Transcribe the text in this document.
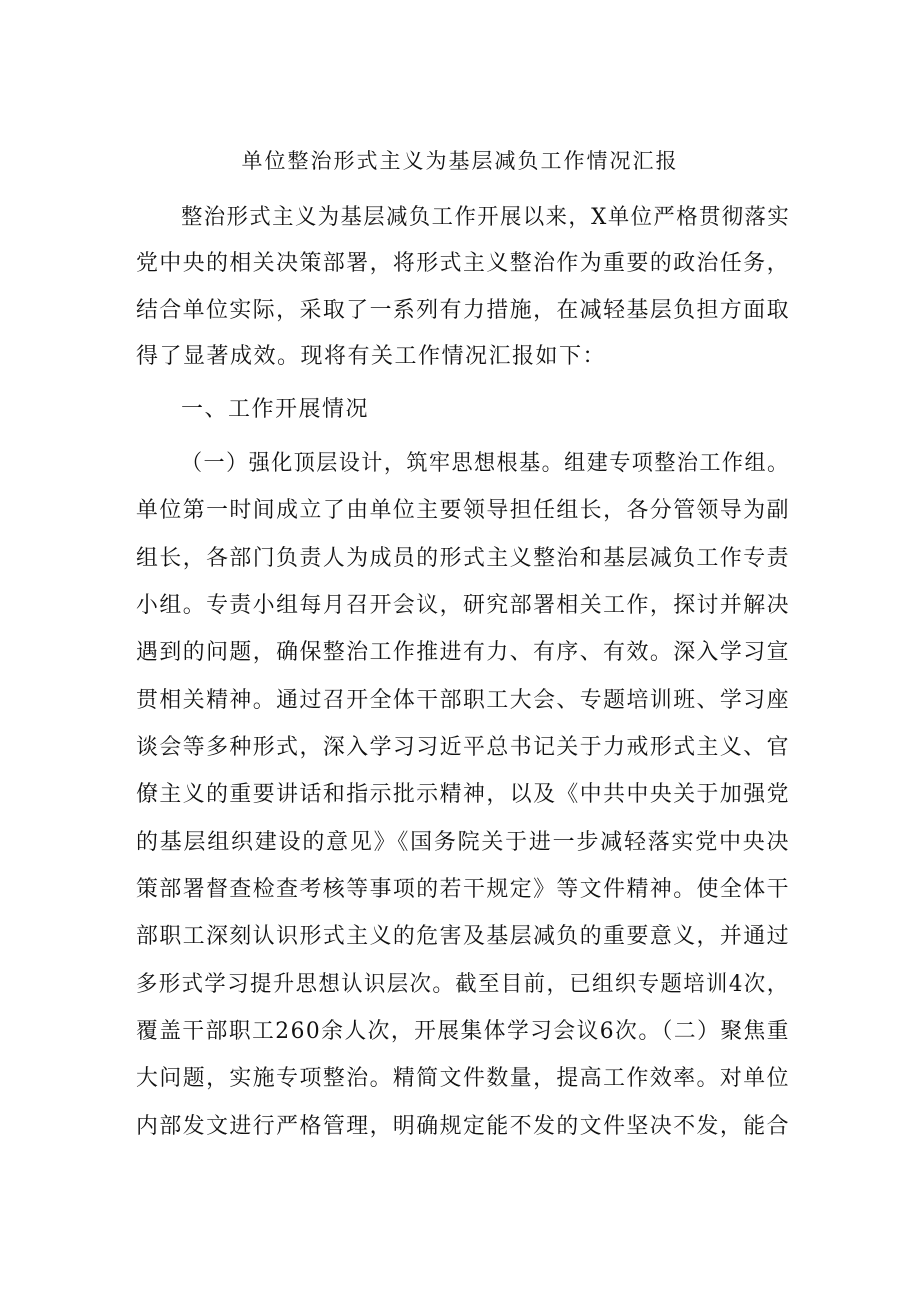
单位整治形式主义为基层减负工作情况汇报
整治形式主义为基层减负工作开展以来，X单位严格贯彻落实
党中央的相关决策部署，将形式主义整治作为重要的政治任务，
结合单位实际，采取了一系列有力措施，在减轻基层负担方面取
得了显著成效。现将有关工作情况汇报如下：
一、工作开展情况
（一）强化顶层设计，筑牢思想根基。组建专项整治工作组。
单位第一时间成立了由单位主要领导担任组长，各分管领导为副
组长，各部门负责人为成员的形式主义整治和基层减负工作专责
小组。专责小组每月召开会议，研究部署相关工作，探讨并解决
遇到的问题，确保整治工作推进有力、有序、有效。深入学习宣
贯相关精神。通过召开全体干部职工大会、专题培训班、学习座
谈会等多种形式，深入学习习近平总书记关于力戒形式主义、官
僚主义的重要讲话和指示批示精神，以及《中共中央关于加强党
的基层组织建设的意见》《国务院关于进一步减轻落实党中央决
策部署督查检查考核等事项的若干规定》等文件精神。使全体干
部职工深刻认识形式主义的危害及基层减负的重要意义，并通过
多形式学习提升思想认识层次。截至目前，已组织专题培训4次，
覆盖干部职工260余人次，开展集体学习会议6次。（二）聚焦重
大问题，实施专项整治。精简文件数量，提高工作效率。对单位
内部发文进行严格管理，明确规定能不发的文件坚决不发，能合
